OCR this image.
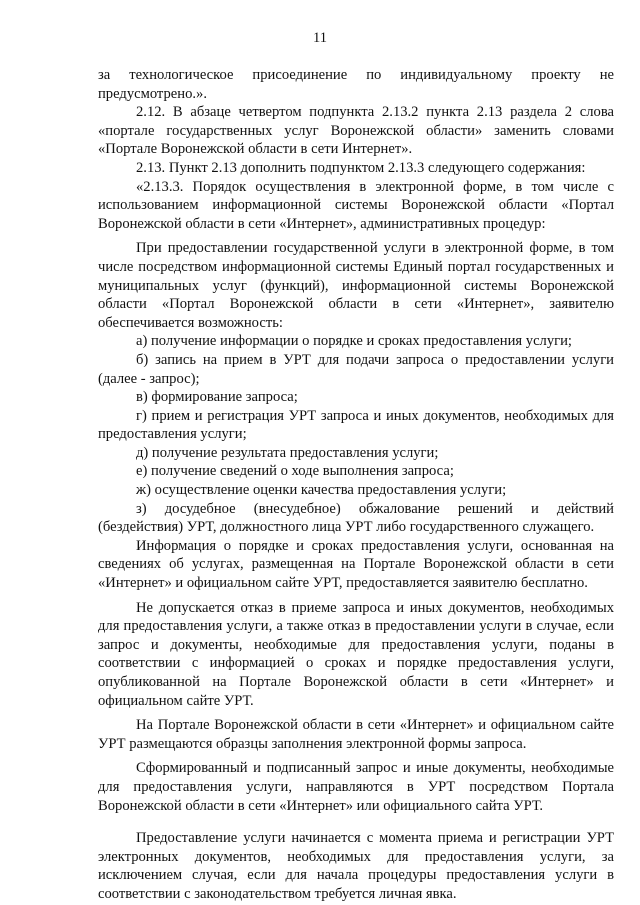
11

за технологическое присоединение по индивидуальному проекту не предусмотрено.».

2.12. В абзаце четвертом подпункта 2.13.2 пункта 2.13 раздела 2 слова «портале государственных услуг Воронежской области» заменить словами «Портале Воронежской области в сети Интернет».

2.13. Пункт 2.13 дополнить подпунктом 2.13.3 следующего содержания:

«2.13.3. Порядок осуществления в электронной форме, в том числе с использованием информационной системы Воронежской области «Портал Воронежской области в сети «Интернет», административных процедур:

При предоставлении государственной услуги в электронной форме, в том числе посредством информационной системы Единый портал государственных и муниципальных услуг (функций), информационной системы Воронежской области «Портал Воронежской области в сети «Интернет», заявителю обеспечивается возможность:

а) получение информации о порядке и сроках предоставления услуги;

б) запись на прием в УРТ для подачи запроса о предоставлении услуги (далее - запрос);

в) формирование запроса;

г) прием и регистрация УРТ запроса и иных документов, необходимых для предоставления услуги;

д) получение результата предоставления услуги;

е) получение сведений о ходе выполнения запроса;

ж) осуществление оценки качества предоставления услуги;

з) досудебное (внесудебное) обжалование решений и действий (бездействия) УРТ, должностного лица УРТ либо государственного служащего.

Информация о порядке и сроках предоставления услуги, основанная на сведениях об услугах, размещенная на Портале Воронежской области в сети «Интернет» и официальном сайте УРТ, предоставляется заявителю бесплатно.

Не допускается отказ в приеме запроса и иных документов, необходимых для предоставления услуги, а также отказ в предоставлении услуги в случае, если запрос и документы, необходимые для предоставления услуги, поданы в соответствии с информацией о сроках и порядке предоставления услуги, опубликованной на Портале Воронежской области в сети «Интернет» и официальном сайте УРТ.

На Портале Воронежской области в сети «Интернет» и официальном сайте УРТ размещаются образцы заполнения электронной формы запроса.

Сформированный и подписанный запрос и иные документы, необходимые для предоставления услуги, направляются в УРТ посредством Портала Воронежской области в сети «Интернет» или официального сайта УРТ.

Предоставление услуги начинается с момента приема и регистрации УРТ электронных документов, необходимых для предоставления услуги, за исключением случая, если для начала процедуры предоставления услуги в соответствии с законодательством требуется личная явка.
